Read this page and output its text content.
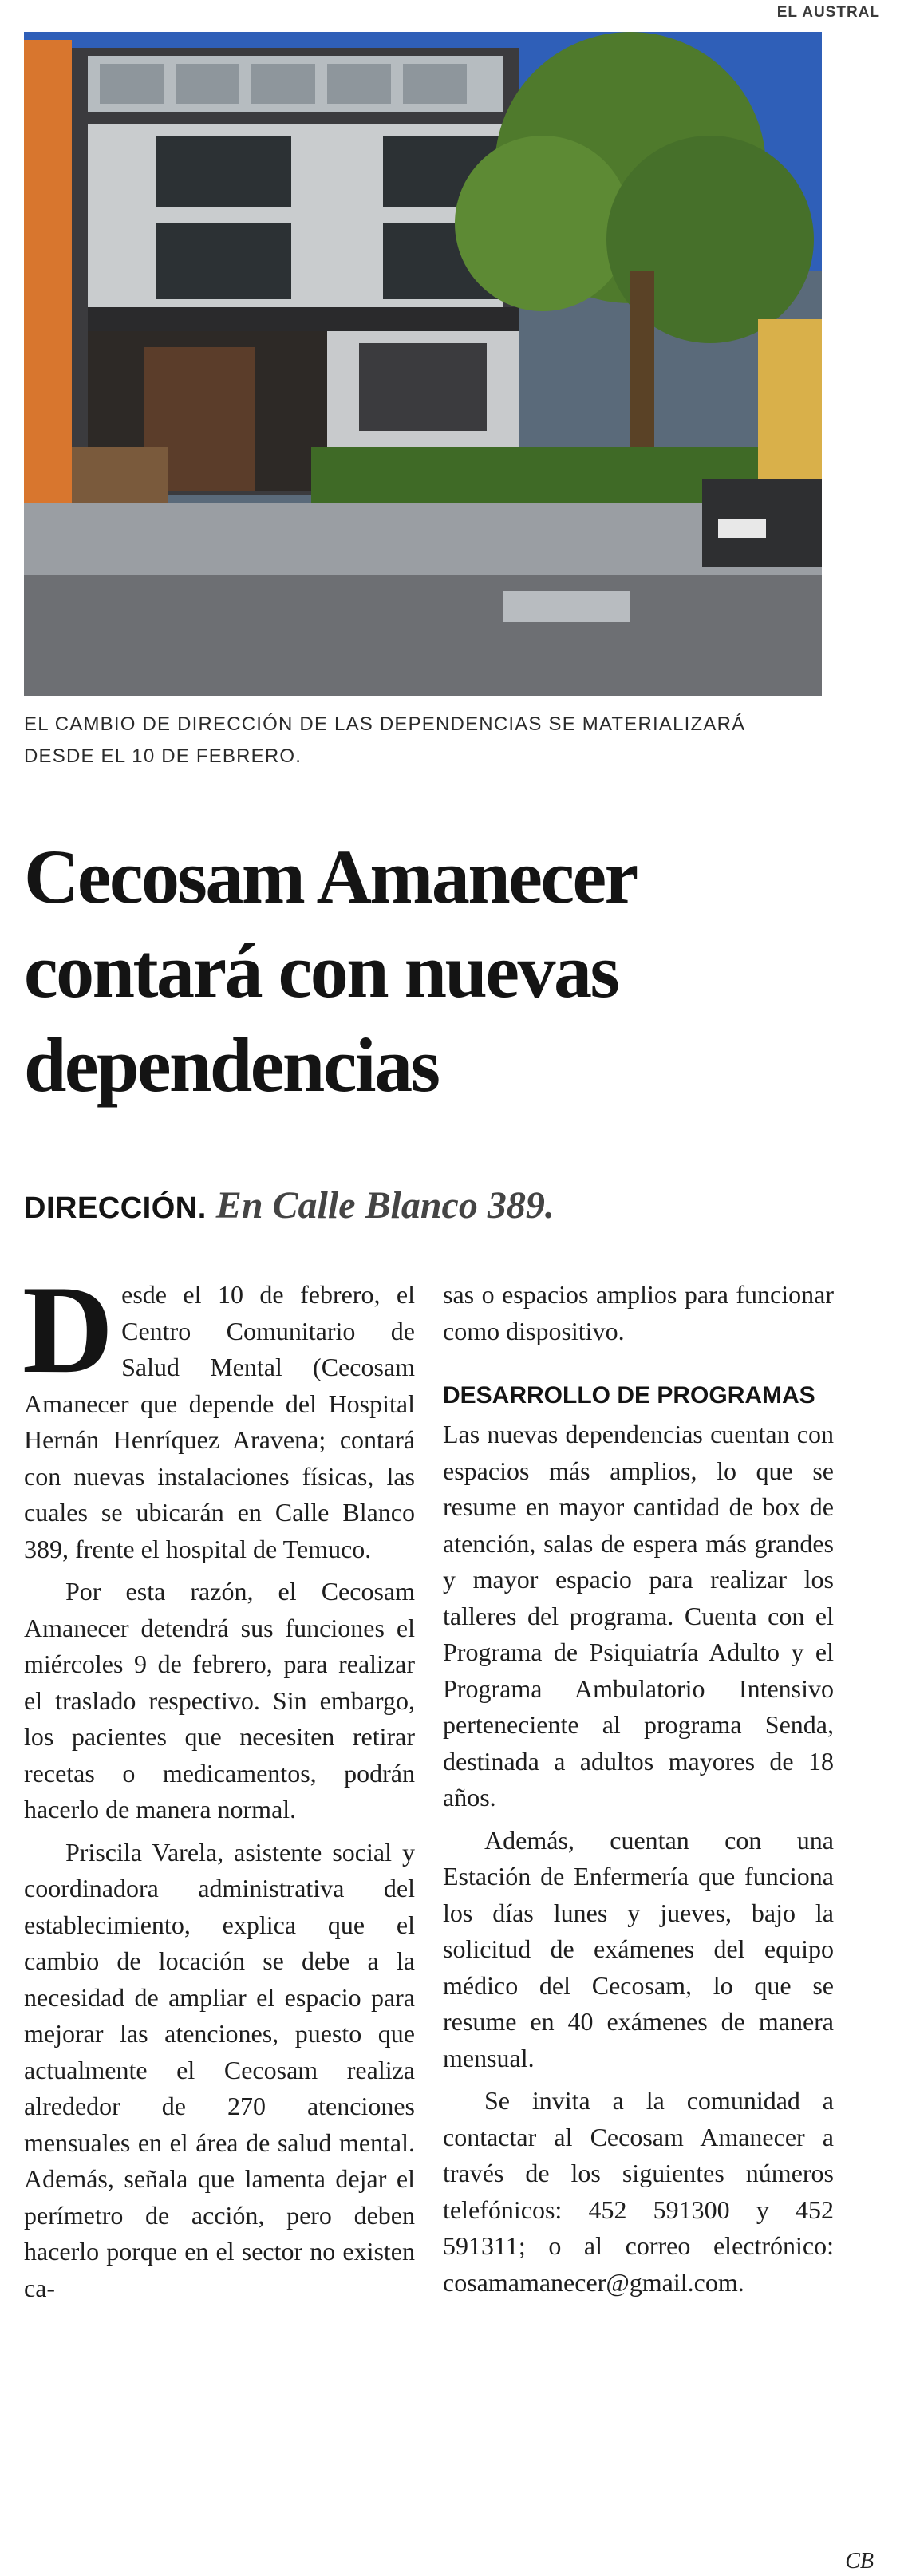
EL AUSTRAL
EL CAMBIO DE DIRECCIÓN DE LAS DEPENDENCIAS SE MATERIALIZARÁ DESDE EL 10 DE FEBRERO.
Cecosam Amanecer contará con nuevas dependencias
DIRECCIÓN. En Calle Blanco 389.

Desde el 10 de febrero, el Centro Comunitario de Salud Mental (Cecosam Amanecer que depende del Hospital Hernán Henríquez Aravena; contará con nuevas instalaciones físicas, las cuales se ubicarán en Calle Blanco 389, frente el hospital de Temuco.

Por esta razón, el Cecosam Amanecer detendrá sus funciones el miércoles 9 de febrero, para realizar el traslado respectivo. Sin embargo, los pacientes que necesiten retirar recetas o medicamentos, podrán hacerlo de manera normal.

Priscila Varela, asistente social y coordinadora administrativa del establecimiento, explica que el cambio de locación se debe a la necesidad de ampliar el espacio para mejorar las atenciones, puesto que actualmente el Cecosam realiza alrededor de 270 atenciones mensuales en el área de salud mental. Además, señala que lamenta dejar el perímetro de acción, pero deben hacerlo porque en el sector no existen ca-

sas o espacios amplios para funcionar como dispositivo.

DESARROLLO DE PROGRAMAS

Las nuevas dependencias cuentan con espacios más amplios, lo que se resume en mayor cantidad de box de atención, salas de espera más grandes y mayor espacio para realizar los talleres del programa. Cuenta con el Programa de Psiquiatría Adulto y el Programa Ambulatorio Intensivo perteneciente al programa Senda, destinada a adultos mayores de 18 años.

Además, cuentan con una Estación de Enfermería que funciona los días lunes y jueves, bajo la solicitud de exámenes del equipo médico del Cecosam, lo que se resume en 40 exámenes de manera mensual.

Se invita a la comunidad a contactar al Cecosam Amanecer a través de los siguientes números telefónicos: 452 591300 y 452 591311; o al correo electrónico: cosamamanecer@gmail.com.

CB
